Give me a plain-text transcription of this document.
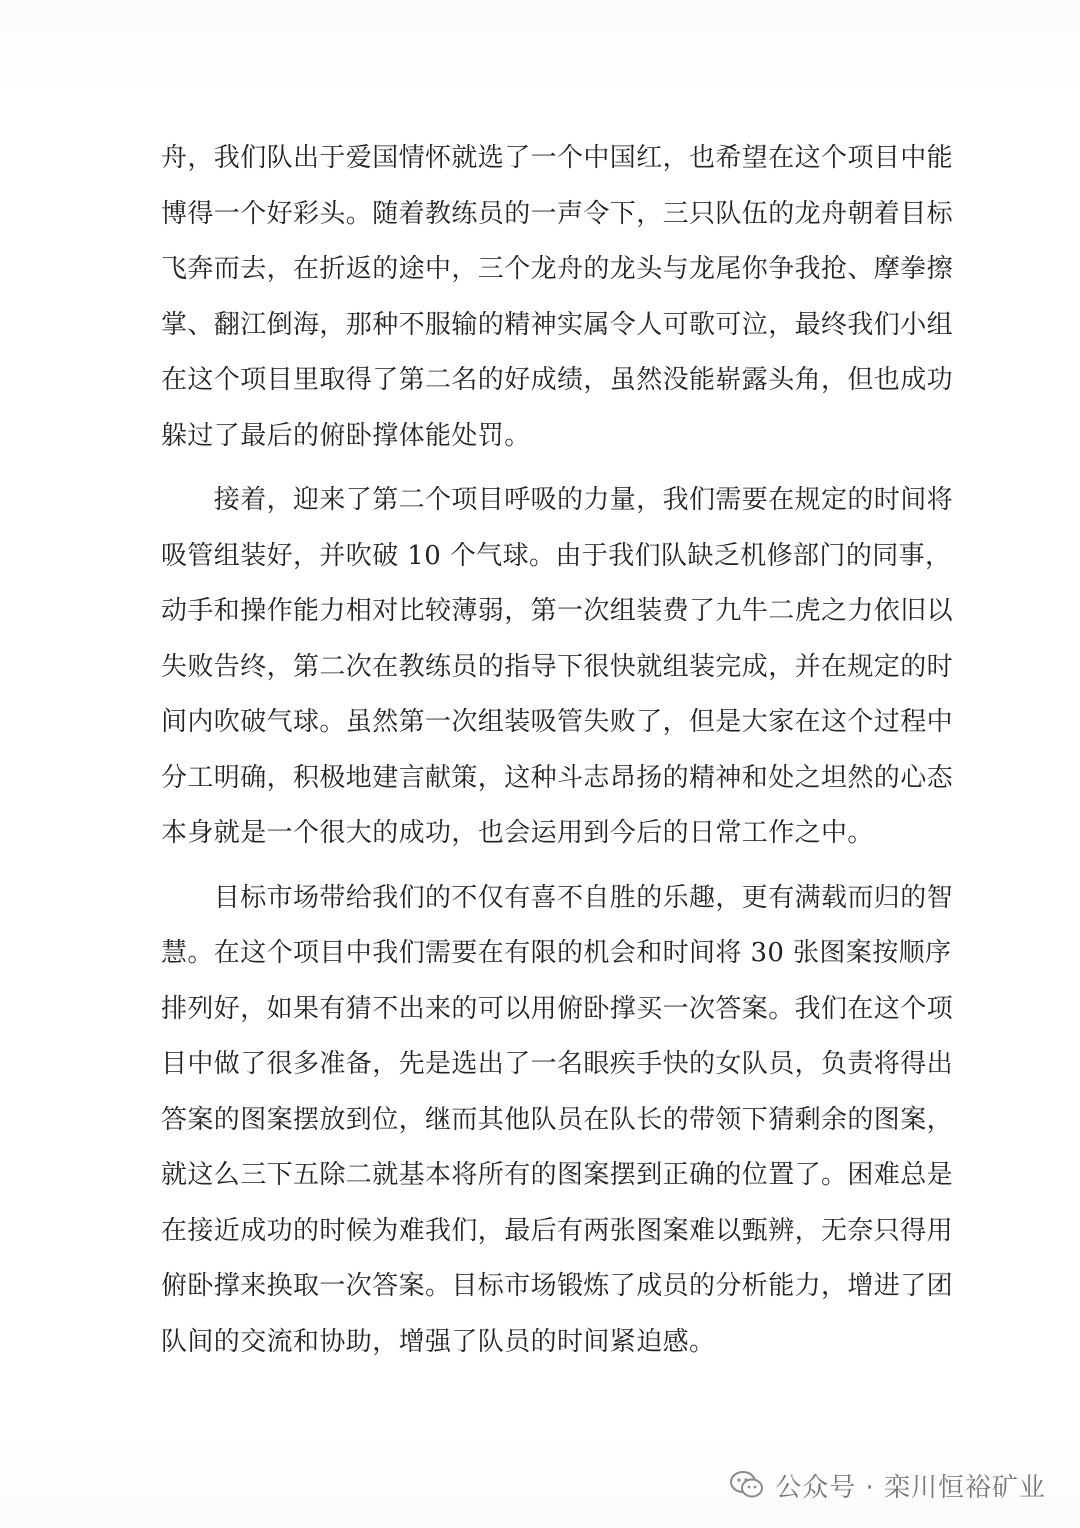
舟，我们队出于爱国情怀就选了一个中国红，也希望在这个项目中能
博得一个好彩头。随着教练员的一声令下，三只队伍的龙舟朝着目标
飞奔而去，在折返的途中，三个龙舟的龙头与龙尾你争我抢、摩拳擦
掌、翻江倒海，那种不服输的精神实属令人可歌可泣，最终我们小组
在这个项目里取得了第二名的好成绩，虽然没能崭露头角，但也成功
躲过了最后的俯卧撑体能处罚。
　　接着，迎来了第二个项目呼吸的力量，我们需要在规定的时间将
吸管组装好，并吹破 10 个气球。由于我们队缺乏机修部门的同事，
动手和操作能力相对比较薄弱，第一次组装费了九牛二虎之力依旧以
失败告终，第二次在教练员的指导下很快就组装完成，并在规定的时
间内吹破气球。虽然第一次组装吸管失败了，但是大家在这个过程中
分工明确，积极地建言献策，这种斗志昂扬的精神和处之坦然的心态
本身就是一个很大的成功，也会运用到今后的日常工作之中。
　　目标市场带给我们的不仅有喜不自胜的乐趣，更有满载而归的智
慧。在这个项目中我们需要在有限的机会和时间将 30 张图案按顺序
排列好，如果有猜不出来的可以用俯卧撑买一次答案。我们在这个项
目中做了很多准备，先是选出了一名眼疾手快的女队员，负责将得出
答案的图案摆放到位，继而其他队员在队长的带领下猜剩余的图案，
就这么三下五除二就基本将所有的图案摆到正确的位置了。困难总是
在接近成功的时候为难我们，最后有两张图案难以甄辨，无奈只得用
俯卧撑来换取一次答案。目标市场锻炼了成员的分析能力，增进了团
队间的交流和协助，增强了队员的时间紧迫感。
公众号 · 栾川恒裕矿业
